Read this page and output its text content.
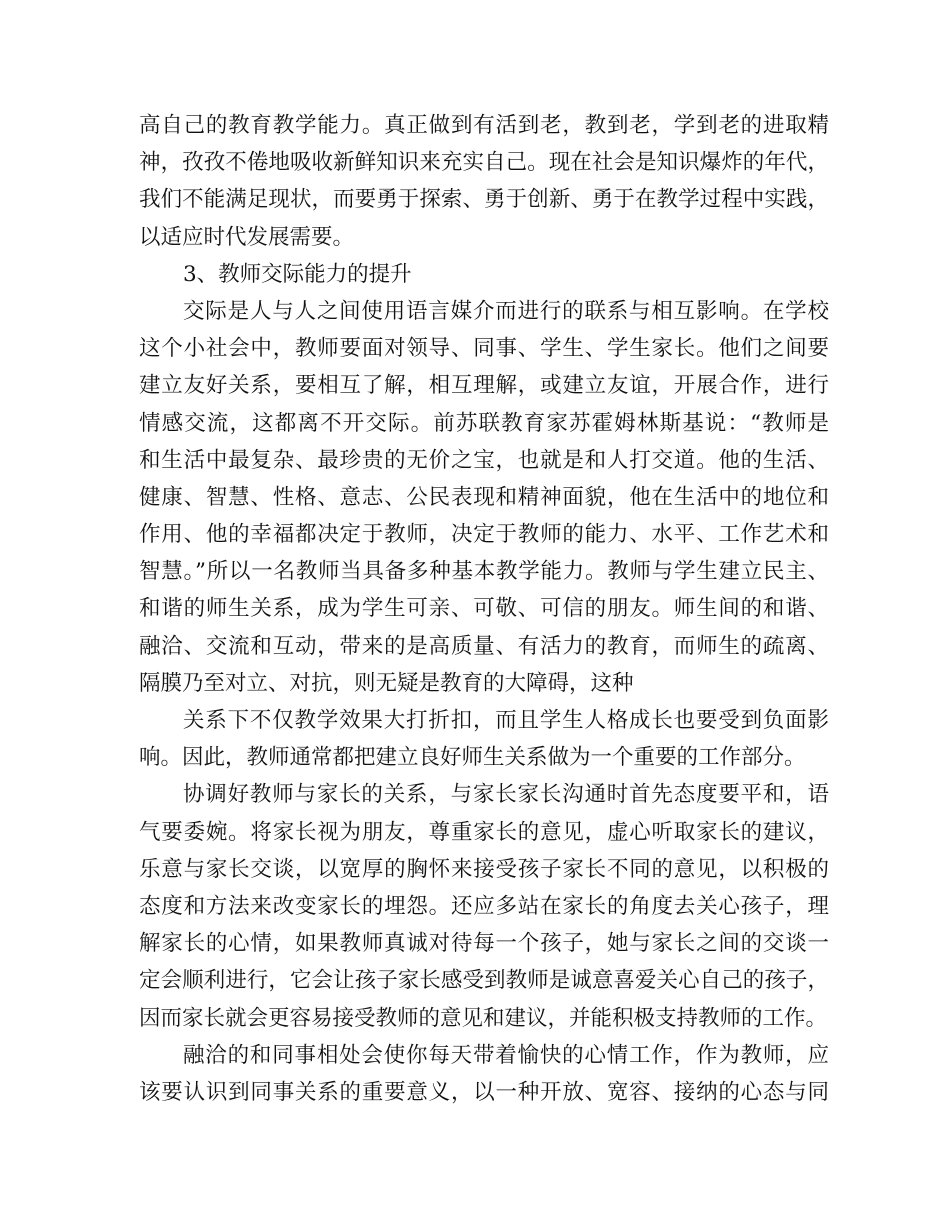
高自己的教育教学能力。真正做到有活到老，教到老，学到老的进取精
神，孜孜不倦地吸收新鲜知识来充实自己。现在社会是知识爆炸的年代，
我们不能满足现状，而要勇于探索、勇于创新、勇于在教学过程中实践，
以适应时代发展需要。
3、教师交际能力的提升
交际是人与人之间使用语言媒介而进行的联系与相互影响。在学校
这个小社会中，教师要面对领导、同事、学生、学生家长。他们之间要
建立友好关系，要相互了解，相互理解，或建立友谊，开展合作，进行
情感交流，这都离不开交际。前苏联教育家苏霍姆林斯基说：“教师是
和生活中最复杂、最珍贵的无价之宝，也就是和人打交道。他的生活、
健康、智慧、性格、意志、公民表现和精神面貌，他在生活中的地位和
作用、他的幸福都决定于教师，决定于教师的能力、水平、工作艺术和
智慧。”所以一名教师当具备多种基本教学能力。教师与学生建立民主、
和谐的师生关系，成为学生可亲、可敬、可信的朋友。师生间的和谐、
融洽、交流和互动，带来的是高质量、有活力的教育，而师生的疏离、
隔膜乃至对立、对抗，则无疑是教育的大障碍，这种
关系下不仅教学效果大打折扣，而且学生人格成长也要受到负面影
响。因此，教师通常都把建立良好师生关系做为一个重要的工作部分。
协调好教师与家长的关系，与家长家长沟通时首先态度要平和，语
气要委婉。将家长视为朋友，尊重家长的意见，虚心听取家长的建议，
乐意与家长交谈，以宽厚的胸怀来接受孩子家长不同的意见，以积极的
态度和方法来改变家长的埋怨。还应多站在家长的角度去关心孩子，理
解家长的心情，如果教师真诚对待每一个孩子，她与家长之间的交谈一
定会顺利进行，它会让孩子家长感受到教师是诚意喜爱关心自己的孩子，
因而家长就会更容易接受教师的意见和建议，并能积极支持教师的工作。
融洽的和同事相处会使你每天带着愉快的心情工作，作为教师，应
该要认识到同事关系的重要意义，以一种开放、宽容、接纳的心态与同
